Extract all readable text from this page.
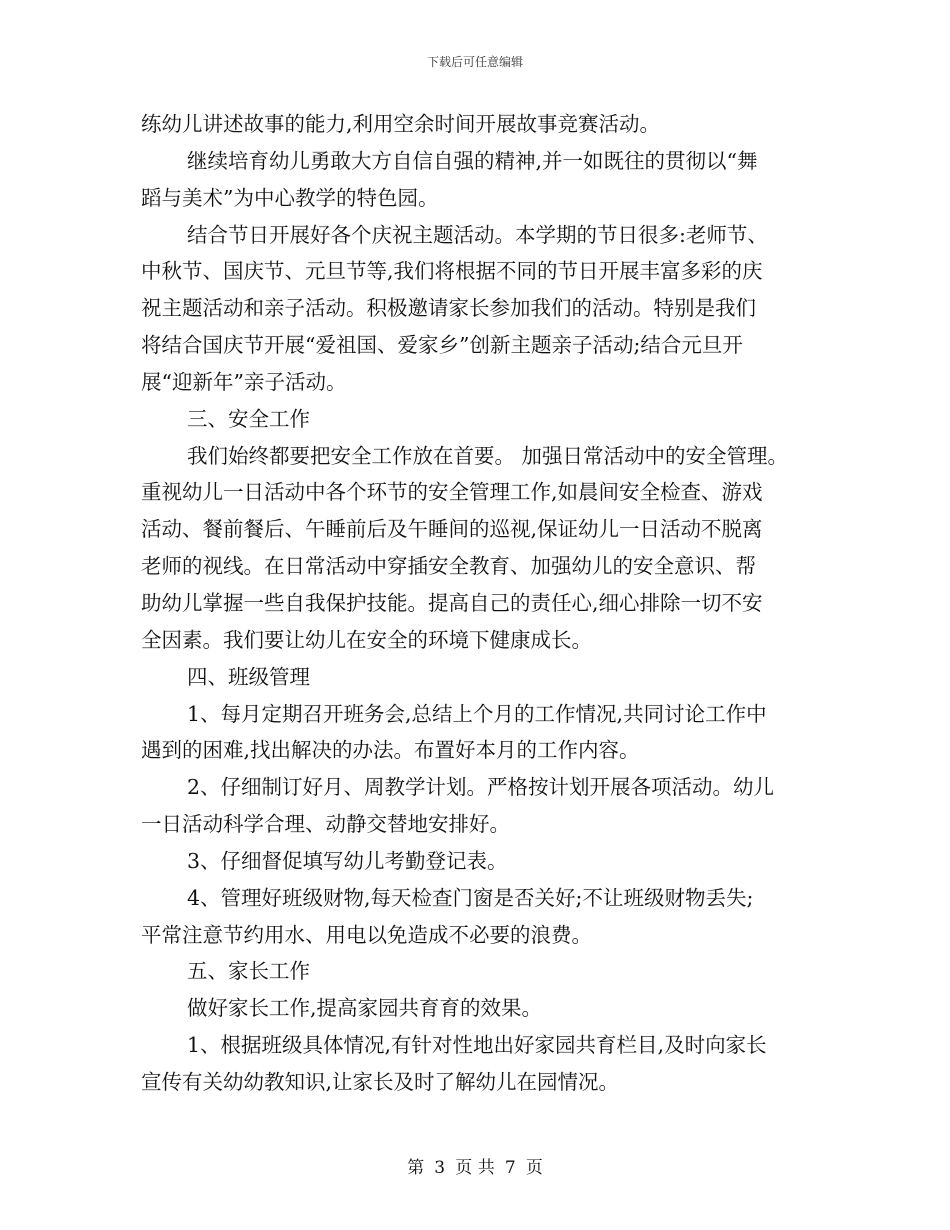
下载后可任意编辑
练幼儿讲述故事的能力,利用空余时间开展故事竞赛活动。
继续培育幼儿勇敢大方自信自强的精神,并一如既往的贯彻以“舞
蹈与美术”为中心教学的特色园。
结合节日开展好各个庆祝主题活动。本学期的节日很多:老师节、
中秋节、国庆节、元旦节等,我们将根据不同的节日开展丰富多彩的庆
祝主题活动和亲子活动。积极邀请家长参加我们的活动。特别是我们
将结合国庆节开展“爱祖国、爱家乡”创新主题亲子活动;结合元旦开
展“迎新年”亲子活动。
三、安全工作
我们始终都要把安全工作放在首要。 加强日常活动中的安全管理。
重视幼儿一日活动中各个环节的安全管理工作,如晨间安全检查、游戏
活动、餐前餐后、午睡前后及午睡间的巡视,保证幼儿一日活动不脱离
老师的视线。在日常活动中穿插安全教育、加强幼儿的安全意识、帮
助幼儿掌握一些自我保护技能。提高自己的责任心,细心排除一切不安
全因素。我们要让幼儿在安全的环境下健康成长。
四、班级管理
1、每月定期召开班务会,总结上个月的工作情况,共同讨论工作中
遇到的困难,找出解决的办法。布置好本月的工作内容。
2、仔细制订好月、周教学计划。严格按计划开展各项活动。幼儿
一日活动科学合理、动静交替地安排好。
3、仔细督促填写幼儿考勤登记表。
4、管理好班级财物,每天检查门窗是否关好;不让班级财物丢失;
平常注意节约用水、用电以免造成不必要的浪费。
五、家长工作
做好家长工作,提高家园共育育的效果。
1、根据班级具体情况,有针对性地出好家园共育栏目,及时向家长
宣传有关幼幼教知识,让家长及时了解幼儿在园情况。
第 3 页 共 7 页
